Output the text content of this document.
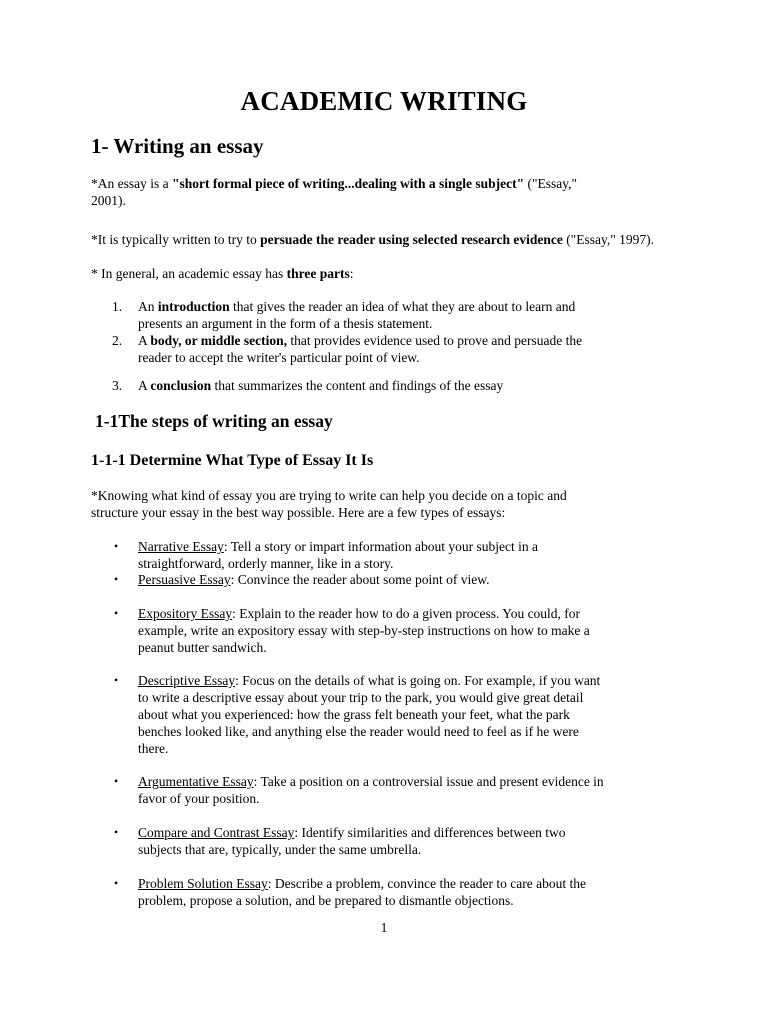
ACADEMIC WRITING
1- Writing an essay
*An essay is a "short formal piece of writing...dealing with a single subject" ("Essay,"
2001).
*It is typically written to try to persuade the reader using selected research evidence ("Essay," 1997).
* In general, an academic essay has three parts:
1.	An introduction that gives the reader an idea of what they are about to learn and
presents an argument in the form of a thesis statement.
2.	A body, or middle section, that provides evidence used to prove and persuade the
reader to accept the writer's particular point of view.
3.	A conclusion that summarizes the content and findings of the essay
1-1The steps of writing an essay
1-1-1 Determine What Type of Essay It Is
*Knowing what kind of essay you are trying to write can help you decide on a topic and
structure your essay in the best way possible. Here are a few types of essays:
•	Narrative Essay: Tell a story or impart information about your subject in a
straightforward, orderly manner, like in a story.
•	Persuasive Essay: Convince the reader about some point of view.
•	Expository Essay: Explain to the reader how to do a given process. You could, for
example, write an expository essay with step-by-step instructions on how to make a
peanut butter sandwich.
•	Descriptive Essay: Focus on the details of what is going on. For example, if you want
to write a descriptive essay about your trip to the park, you would give great detail
about what you experienced: how the grass felt beneath your feet, what the park
benches looked like, and anything else the reader would need to feel as if he were
there.
•	Argumentative Essay: Take a position on a controversial issue and present evidence in
favor of your position.
•	Compare and Contrast Essay: Identify similarities and differences between two
subjects that are, typically, under the same umbrella.
•	Problem Solution Essay: Describe a problem, convince the reader to care about the
problem, propose a solution, and be prepared to dismantle objections.
1
